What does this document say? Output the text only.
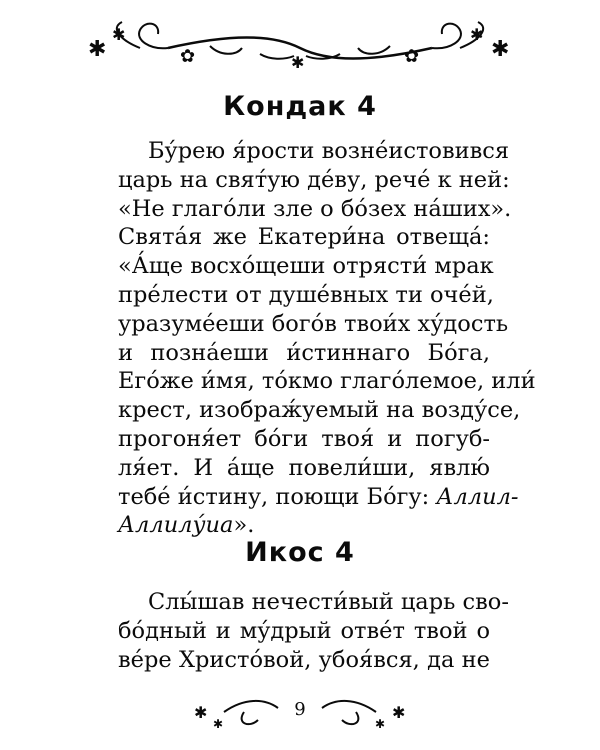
✱
✱
✿	✱
✱
✿
✱
Кондак 4
Бу́рею я́рости возне́истовився
царь на свят́ую де́ву, рече́ к ней:
«Не глаго́ли зле о бо́зех на́ших».
Свята́я же Екатери́на отвеща́:
«А́ще восхо́щеши отрясти́ мрак
пре́лести от душе́вных ти оче́й,
уразуме́еши бого́в твои́х ху́дость
и позна́еши и́стиннаго Бо́га,
Его́же и́мя, то́кмо глаго́лемое, или́
крест, изображ́уемый на возду́се,
прогоня́ет бо́ги твоя́ и погуб-
ля́ет. И а́ще повели́ши, явлю́
тебе́ и́стину, поющи Бо́гу: Аллил-
Аллилу́иа».
Икос 4
Слы́шав нечести́вый царь сво-
бо́дный и му́дрый отве́т твой о
ве́ре Христо́вой, убоя́вся, да не
✱
✱
✱
✱
9
